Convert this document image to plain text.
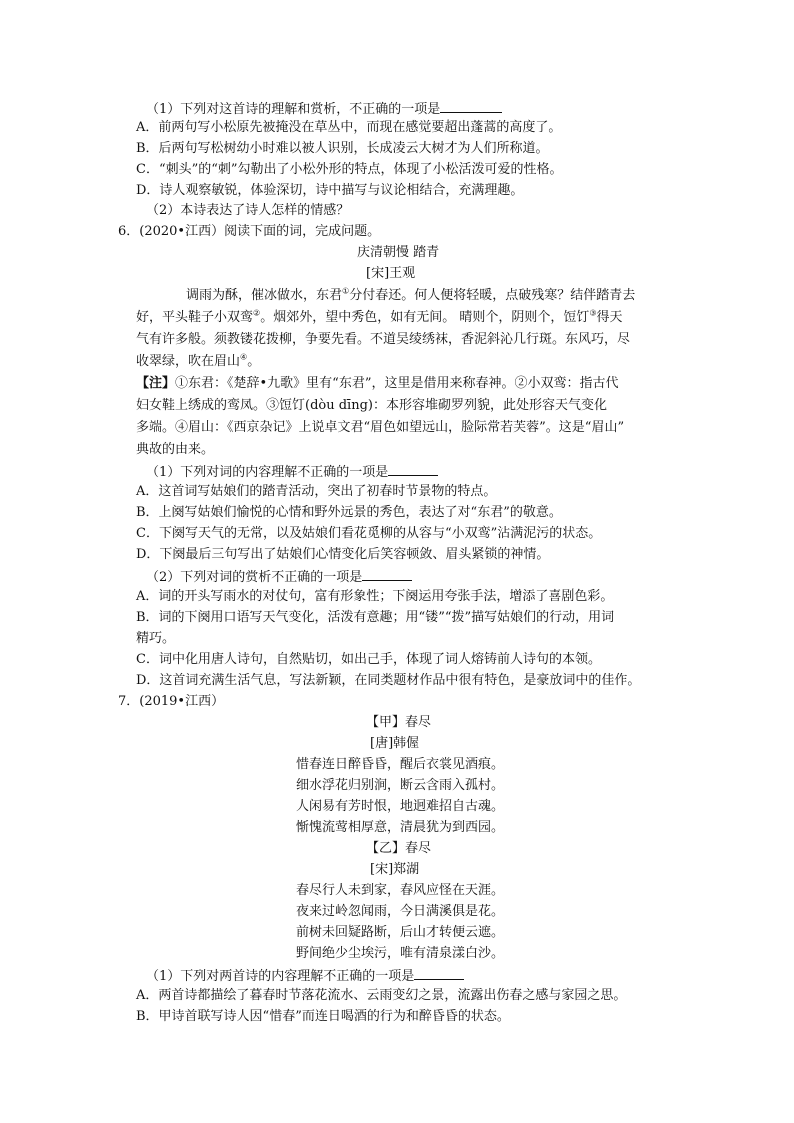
（1）下列对这首诗的理解和赏析，不正确的一项是
A．前两句写小松原先被掩没在草丛中，而现在感觉要超出蓬蒿的高度了。
B．后两句写松树幼小时难以被人识别，长成凌云大树才为人们所称道。
C．“刺头”的“刺”勾勒出了小松外形的特点，体现了小松活泼可爱的性格。
D．诗人观察敏锐，体验深切，诗中描写与议论相结合，充满理趣。
（2）本诗表达了诗人怎样的情感？
6．(2020•江西）阅读下面的词，完成问题。
庆清朝慢 踏青
[宋]王观
调雨为酥，催冰做水，东君①分付春还。何人便将轻暖，点破残寒？结伴踏青去
好，平头鞋子小双鸾②。烟郊外，望中秀色，如有无间。 晴则个，阴则个，饾饤③得天
气有许多般。须教镂花拨柳，争要先看。不道吴绫绣袜，香泥斜沁几行斑。东风巧，尽
收翠绿，吹在眉山④。
【注】①东君：《楚辞•九歌》里有“东君”，这里是借用来称春神。②小双鸾：指古代
妇女鞋上绣成的鸾凤。③饾饤(dòu dīng)：本形容堆砌罗列貌，此处形容天气变化
多端。④眉山：《西京杂记》上说卓文君“眉色如望远山，脸际常若芙蓉”。这是“眉山”
典故的由来。
（1）下列对词的内容理解不正确的一项是
A．这首词写姑娘们的踏青活动，突出了初春时节景物的特点。
B．上阕写姑娘们愉悦的心情和野外远景的秀色，表达了对“东君”的敬意。
C．下阕写天气的无常，以及姑娘们看花觅柳的从容与“小双鸾”沾满泥污的状态。
D．下阕最后三句写出了姑娘们心情变化后笑容顿敛、眉头紧锁的神情。
（2）下列对词的赏析不正确的一项是
A．词的开头写雨水的对仗句，富有形象性；下阕运用夸张手法，增添了喜剧色彩。
B．词的下阕用口语写天气变化，活泼有意趣；用“镂”“拨”描写姑娘们的行动，用词
精巧。
C．词中化用唐人诗句，自然贴切，如出己手，体现了词人熔铸前人诗句的本领。
D．这首词充满生活气息，写法新颖，在同类题材作品中很有特色，是豪放词中的佳作。
7．(2019•江西）
【甲】春尽
[唐]韩偓
惜春连日醉昏昏，醒后衣裳见酒痕。
细水浮花归别涧，断云含雨入孤村。
人闲易有芳时恨，地迥难招自古魂。
惭愧流莺相厚意，清晨犹为到西园。
【乙】春尽
[宋]郑湖
春尽行人未到家，春风应怪在天涯。
夜来过岭忽闻雨，今日满溪俱是花。
前树未回疑路断，后山才转便云遮。
野间绝少尘埃污，唯有清泉漾白沙。
（1）下列对两首诗的内容理解不正确的一项是
A．两首诗都描绘了暮春时节落花流水、云雨变幻之景，流露出伤春之感与家园之思。
B．甲诗首联写诗人因“惜春”而连日喝酒的行为和醉昏昏的状态。
